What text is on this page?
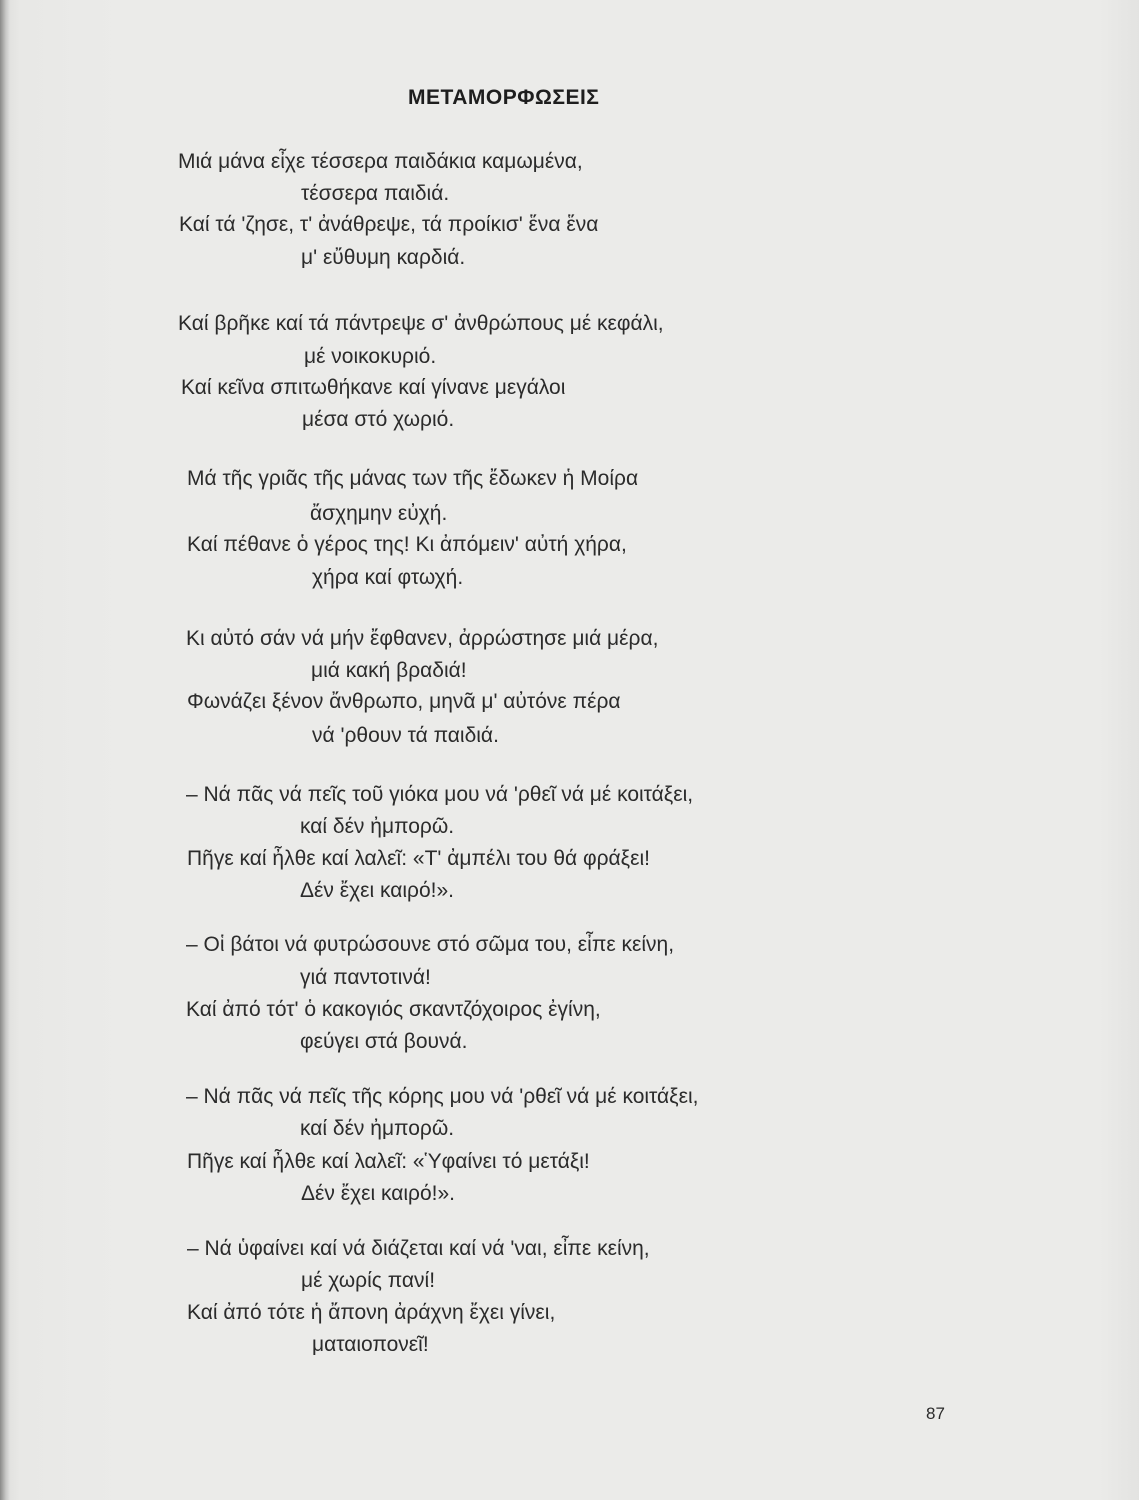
ΜΕΤΑΜΟΡΦΩΣΕΙΣ
Μιά μάνα εἶχε τέσσερα παιδάκια καμωμένα,
τέσσερα παιδιά.
Καί τά 'ζησε, τ' ἀνάθρεψε, τά προίκισ' ἕνα ἕνα
μ' εὔθυμη καρδιά.
Καί βρῆκε καί τά πάντρεψε σ' ἀνθρώπους μέ κεφάλι,
μέ νοικοκυριό.
Καί κεῖνα σπιτωθήκανε καί γίνανε μεγάλοι
μέσα στό χωριό.
Μά τῆς γριᾶς τῆς μάνας των τῆς ἔδωκεν ἡ Μοίρα
ἄσχημην εὐχή.
Καί πέθανε ὁ γέρος της! Κι ἀπόμειν' αὐτή χήρα,
χήρα καί φτωχή.
Κι αὐτό σάν νά μήν ἔφθανεν, ἀρρώστησε μιά μέρα,
μιά κακή βραδιά!
Φωνάζει ξένον ἄνθρωπο, μηνᾶ μ' αὐτόνε πέρα
νά 'ρθουν τά παιδιά.
– Νά πᾶς νά πεῖς τοῦ γιόκα μου νά 'ρθεῖ νά μέ κοιτάξει,
καί δέν ἠμπορῶ.
Πῆγε καί ἦλθε καί λαλεῖ: «Τ' ἀμπέλι του θά φράξει!
Δέν ἔχει καιρό!».
– Οἱ βάτοι νά φυτρώσουνε στό σῶμα του, εἶπε κείνη,
γιά παντοτινά!
Καί ἀπό τότ' ὁ κακογιός σκαντζόχοιρος ἐγίνη,
φεύγει στά βουνά.
– Νά πᾶς νά πεῖς τῆς κόρης μου νά 'ρθεῖ νά μέ κοιτάξει,
καί δέν ἠμπορῶ.
Πῆγε καί ἦλθε καί λαλεῖ: «Ὑφαίνει τό μετάξι!
Δέν ἔχει καιρό!».
– Νά ὑφαίνει καί νά διάζεται καί νά 'ναι, εἶπε κείνη,
μέ χωρίς πανί!
Καί ἀπό τότε ἡ ἄπονη ἀράχνη ἔχει γίνει,
ματαιοπονεῖ!
87
